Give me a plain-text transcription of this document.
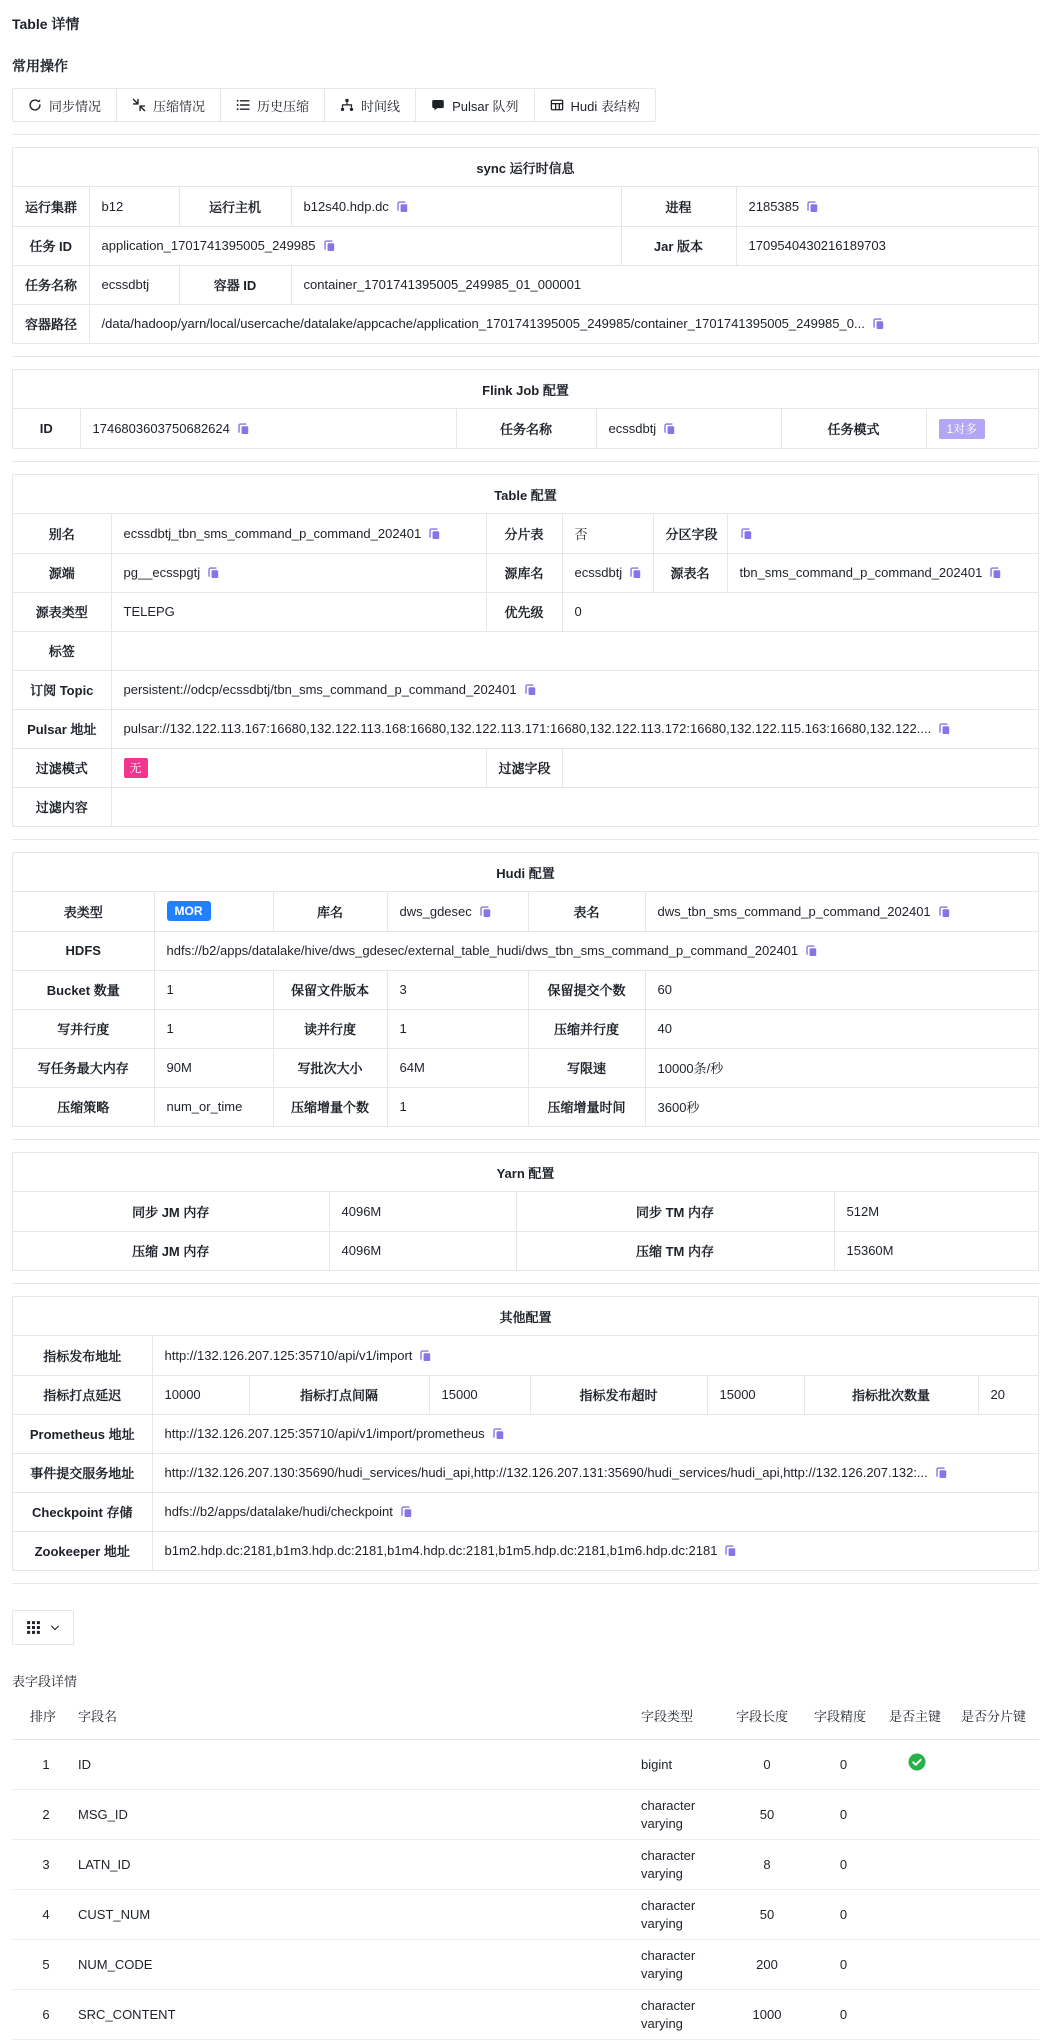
Table 详情
常用操作
同步情况	压缩情况	历史压缩	时间线	Pulsar 队列	Hudi 表结构
sync 运行时信息
运行集群	b12	运行主机	b12s40.hdp.dc	进程	2185385

任务 ID	application_1701741395005_249985			Jar 版本	1709540430216189703
任务名称	ecssdbtj	容器 ID	container_1701741395005_249985_01_000001		
容器路径	/data/hadoop/yarn/local/usercache/datalake/appcache/application_1701741395005_249985/container_1701741395005_249985_0...				
Flink Job 配置
ID	1746803603750682624	任务名称	ecssdbtj	任务模式	1对多
Table 配置
别名	ecssdbtj_tbn_sms_command_p_command_202401	分片表	否	分区字段	

源端	pg__ecsspgtj	源库名	ecssdbtj	源表名	tbn_sms_command_p_command_202401

源表类型	TELEPG	优先级	0		
标签					
订阅 Topic	persistent://odcp/ecssdbtj/tbn_sms_command_p_command_202401				

Pulsar 地址	pulsar://132.122.113.167:16680,132.122.113.168:16680,132.122.113.171:16680,132.122.113.172:16680,132.122.115.163:16680,132.122....				

过滤模式	无	过滤字段			
过滤内容					
Hudi 配置
表类型	MOR	库名	dws_gdesec	表名	dws_tbn_sms_command_p_command_202401

HDFS	hdfs://b2/apps/datalake/hive/dws_gdesec/external_table_hudi/dws_tbn_sms_command_p_command_202401				

Bucket 数量	1	保留文件版本	3	保留提交个数	60
写并行度	1	读并行度	1	压缩并行度	40
写任务最大内存	90M	写批次大小	64M	写限速	10000条/秒
压缩策略	num_or_time	压缩增量个数	1	压缩增量时间	3600秒
Yarn 配置
同步 JM 内存	4096M	同步 TM 内存	512M
压缩 JM 内存	4096M	压缩 TM 内存	15360M
其他配置
指标发布地址	http://132.126.207.125:35710/api/v1/import						

指标打点延迟	10000	指标打点间隔	15000	指标发布超时	15000	指标批次数量	20
Prometheus 地址	http://132.126.207.125:35710/api/v1/import/prometheus						

事件提交服务地址	http://132.126.207.130:35690/hudi_services/hudi_api,http://132.126.207.131:35690/hudi_services/hudi_api,http://132.126.207.132:...						

Checkpoint 存储	hdfs://b2/apps/datalake/hudi/checkpoint						

Zookeeper 地址	b1m2.hdp.dc:2181,b1m3.hdp.dc:2181,b1m4.hdp.dc:2181,b1m5.hdp.dc:2181,b1m6.hdp.dc:2181						
表字段详情
排序	字段名	字段类型	字段长度	字段精度	是否主键	是否分片键
1	ID	bigint	0	0	

2	MSG_ID	character varying	50	0		
3	LATN_ID	character varying	8	0		
4	CUST_NUM	character varying	50	0		
5	NUM_CODE	character varying	200	0		
6	SRC_CONTENT	character varying	1000	0		
